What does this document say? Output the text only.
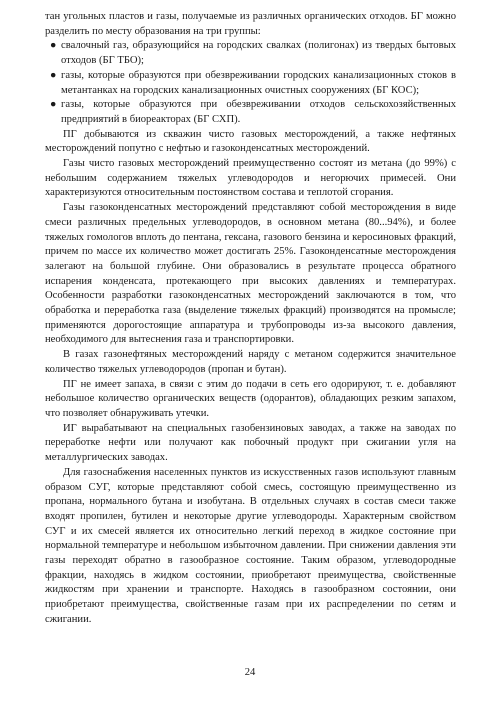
тан угольных пластов и газы, получаемые из различных органических отходов. БГ можно разделить по месту образования на три группы:

● свалочный газ, образующийся на городских свалках (полигонах) из твердых бытовых отходов (БГ ТБО);
● газы, которые образуются при обезвреживании городских канализационных стоков в метантанках на городских канализационных очистных сооружениях (БГ КОС);
● газы, которые образуются при обезвреживании отходов сельскохозяйственных предприятий в биореакторах (БГ СХП).

ПГ добываются из скважин чисто газовых месторождений, а также нефтяных месторождений попутно с нефтью и газоконденсатных месторождений.

Газы чисто газовых месторождений преимущественно состоят из метана (до 99%) с небольшим содержанием тяжелых углеводородов и негорючих примесей. Они характеризуются относительным постоянством состава и теплотой сгорания.

Газы газоконденсатных месторождений представляют собой месторождения в виде смеси различных предельных углеводородов, в основном метана (80...94%), и более тяжелых гомологов вплоть до пентана, гексана, газового бензина и керосиновых фракций, причем по массе их количество может достигать 25%. Газоконденсатные месторождения залегают на большой глубине. Они образовались в результате процесса обратного испарения конденсата, протекающего при высоких давлениях и температурах. Особенности разработки газоконденсатных месторождений заключаются в том, что обработка и переработка газа (выделение тяжелых фракций) производятся на промысле; применяются дорогостоящие аппаратура и трубопроводы из-за высокого давления, необходимого для вытеснения газа и транспортировки.

В газах газонефтяных месторождений наряду с метаном содержится значительное количество тяжелых углеводородов (пропан и бутан).

ПГ не имеет запаха, в связи с этим до подачи в сеть его одорируют, т. е. добавляют небольшое количество органических веществ (одорантов), обладающих резким запахом, что позволяет обнаруживать утечки.

ИГ вырабатывают на специальных газобензиновых заводах, а также на заводах по переработке нефти или получают как побочный продукт при сжигании угля на металлургических заводах.

Для газоснабжения населенных пунктов из искусственных газов используют главным образом СУГ, которые представляют собой смесь, состоящую преимущественно из пропана, нормального бутана и изобутана. В отдельных случаях в состав смеси также входят пропилен, бутилен и некоторые другие углеводороды. Характерным свойством СУГ и их смесей является их относительно легкий переход в жидкое состояние при нормальной температуре и небольшом избыточном давлении. При снижении давления эти газы переходят обратно в газообразное состояние. Таким образом, углеводородные фракции, находясь в жидком состоянии, приобретают преимущества, свойственные жидкостям при хранении и транспорте. Находясь в газообразном состоянии, они приобретают преимущества, свойственные газам при их распределении по сетям и сжигании.

24
